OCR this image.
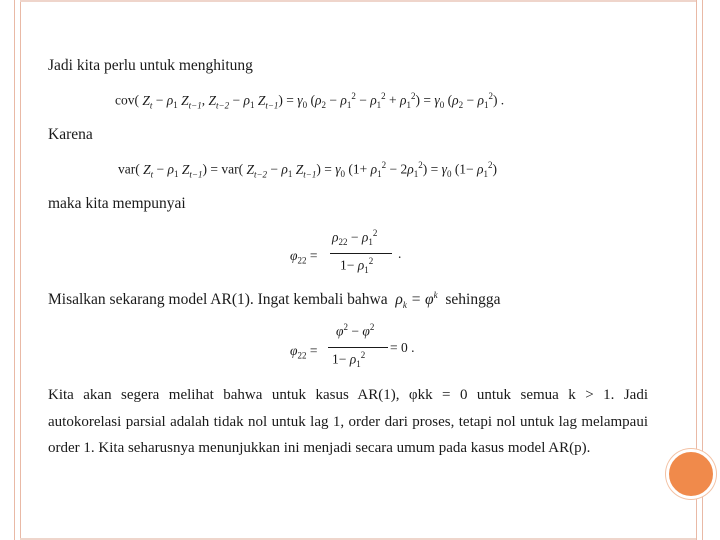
Jadi kita perlu untuk menghitung
cov( $Z_t - \rho_1$ $Z_{t-1}$, $Z_{t-2} - \rho_1$ $Z_{t-1}) = \gamma_0$ $(\rho_2 - \rho_1^2 - \rho_1^2 + \rho_1^2) = \gamma_0$ $(\rho_2 - \rho_1^2)$ .
Karena
var( $Z_t - \rho_1$ $Z_{t-1}) = var$( $Z_{t-2} - \rho_1$ $Z_{t-1}) = \gamma_0$ $(1+ \rho_1^2 - 2\rho_1^2) = \gamma_0$ $(1- \rho_1^2)$
maka kita mempunyai
$\varphi_{22}$ =
$\rho_{22} - \rho_1^2$
$1- \rho_1^2$ .
Misalkan sekarang model AR(1). Ingat kembali bahwa  $\rho_k = \varphi^k$ sehingga
$\varphi_{22}$ =
$\varphi^2 - \varphi^2$
$1- \rho_1^2 = 0$ .
Kita akan segera melihat bahwa untuk kasus AR(1), φkk = 0 untuk semua k > 1. Jadi
autokorelasi parsial adalah tidak nol untuk lag 1, order dari proses, tetapi nol untuk lag melampaui order 1. Kita seharusnya menunjukkan ini menjadi secara umum pada kasus model AR(p).
